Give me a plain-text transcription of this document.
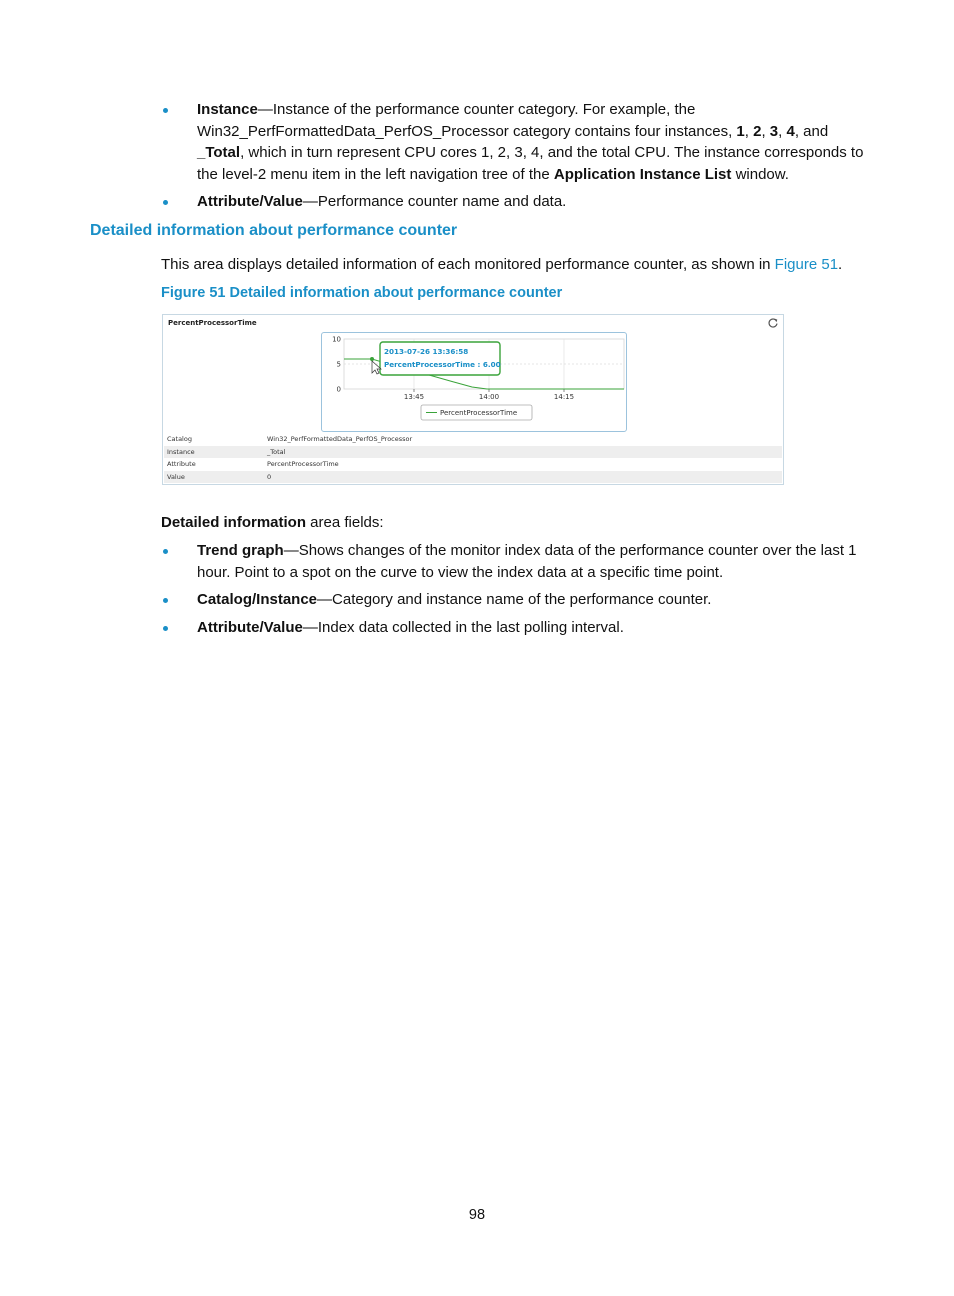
Instance—Instance of the performance counter category. For example, the Win32_PerfFormattedData_PerfOS_Processor category contains four instances, 1, 2, 3, 4, and _Total, which in turn represent CPU cores 1, 2, 3, 4, and the total CPU. The instance corresponds to the level-2 menu item in the left navigation tree of the Application Instance List window.
Attribute/Value—Performance counter name and data.
Detailed information about performance counter
This area displays detailed information of each monitored performance counter, as shown in Figure 51.
Figure 51 Detailed information about performance counter
PercentProcessorTime
10
5
0
13:45	14:00	14:15
2013-07-26 13:36:58
PercentProcessorTime : 6.00
PercentProcessorTime
Catalog	Win32_PerfFormattedData_PerfOS_Processor
Instance	_Total
Attribute	PercentProcessorTime
Value	0
Detailed information area fields:
Trend graph—Shows changes of the monitor index data of the performance counter over the last 1 hour. Point to a spot on the curve to view the index data at a specific time point.
Catalog/Instance—Category and instance name of the performance counter.
Attribute/Value—Index data collected in the last polling interval.
98
